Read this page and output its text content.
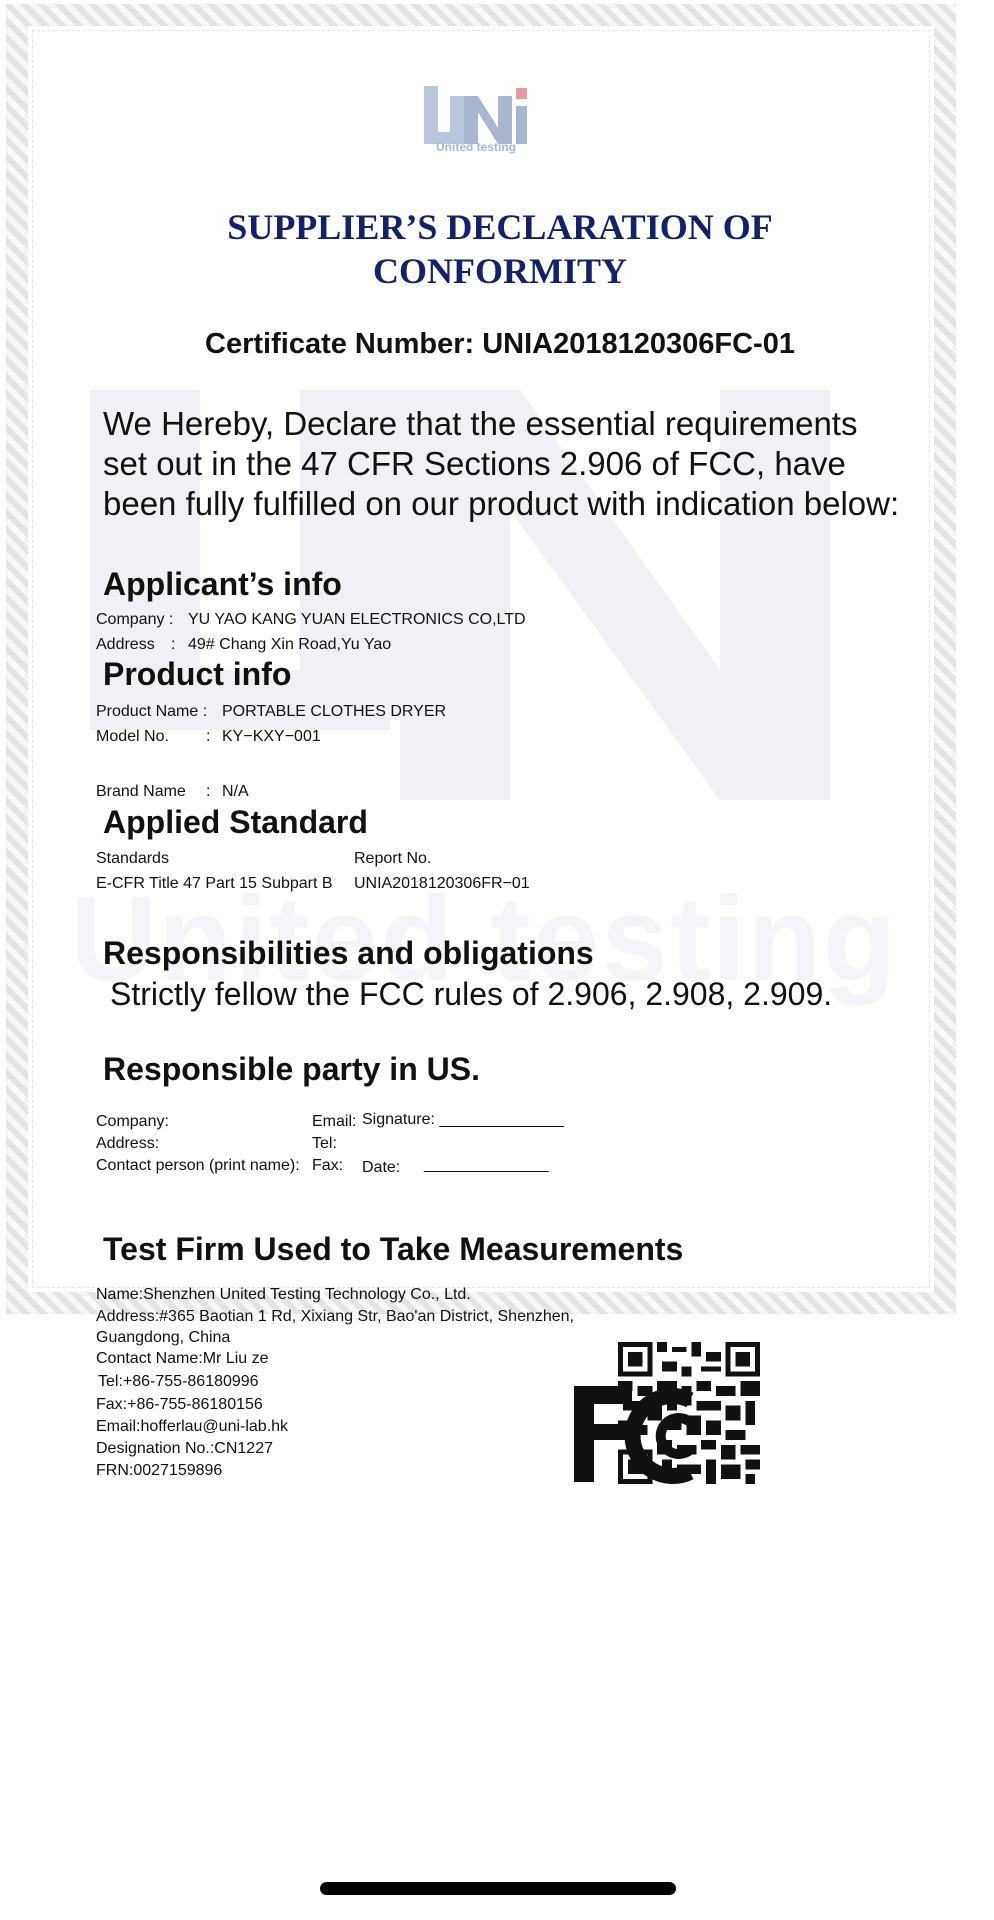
United testing
SUPPLIER’S DECLARATION OF
CONFORMITY
Certificate Number: UNIA2018120306FC-01
We Hereby, Declare that the essential requirements set out in the 47 CFR Sections 2.906 of FCC, have been fully fulfilled on our product with indication below:
Applicant’s info
Company : YU YAO KANG YUAN ELECTRONICS CO,LTD
Address : 49# Chang Xin Road,Yu Yao
Product info
Product Name : PORTABLE CLOTHES DRYER
Model No. : KY−KXY−001
Brand Name : N/A
Applied Standard
Standards	Report No.
E-CFR Title 47 Part 15 Subpart B UNIA2018120306FR−01
Responsibilities and obligations
Strictly fellow the FCC rules of 2.906, 2.908, 2.909.
Responsible party in US.
Company:
Address:
Contact person (print name):
Email:
Tel:
Fax:
Signature: ______________
Date: ______________
Test Firm Used to Take Measurements
Name:Shenzhen United Testing Technology Co., Ltd.
Address:#365 Baotian 1 Rd, Xixiang Str, Bao'an District, Shenzhen,
Guangdong, China
Contact Name:Mr Liu ze
Tel:+86-755-86180996
Fax:+86-755-86180156
Email:hofferlau@uni-lab.hk
Designation No.:CN1227
FRN:0027159896
